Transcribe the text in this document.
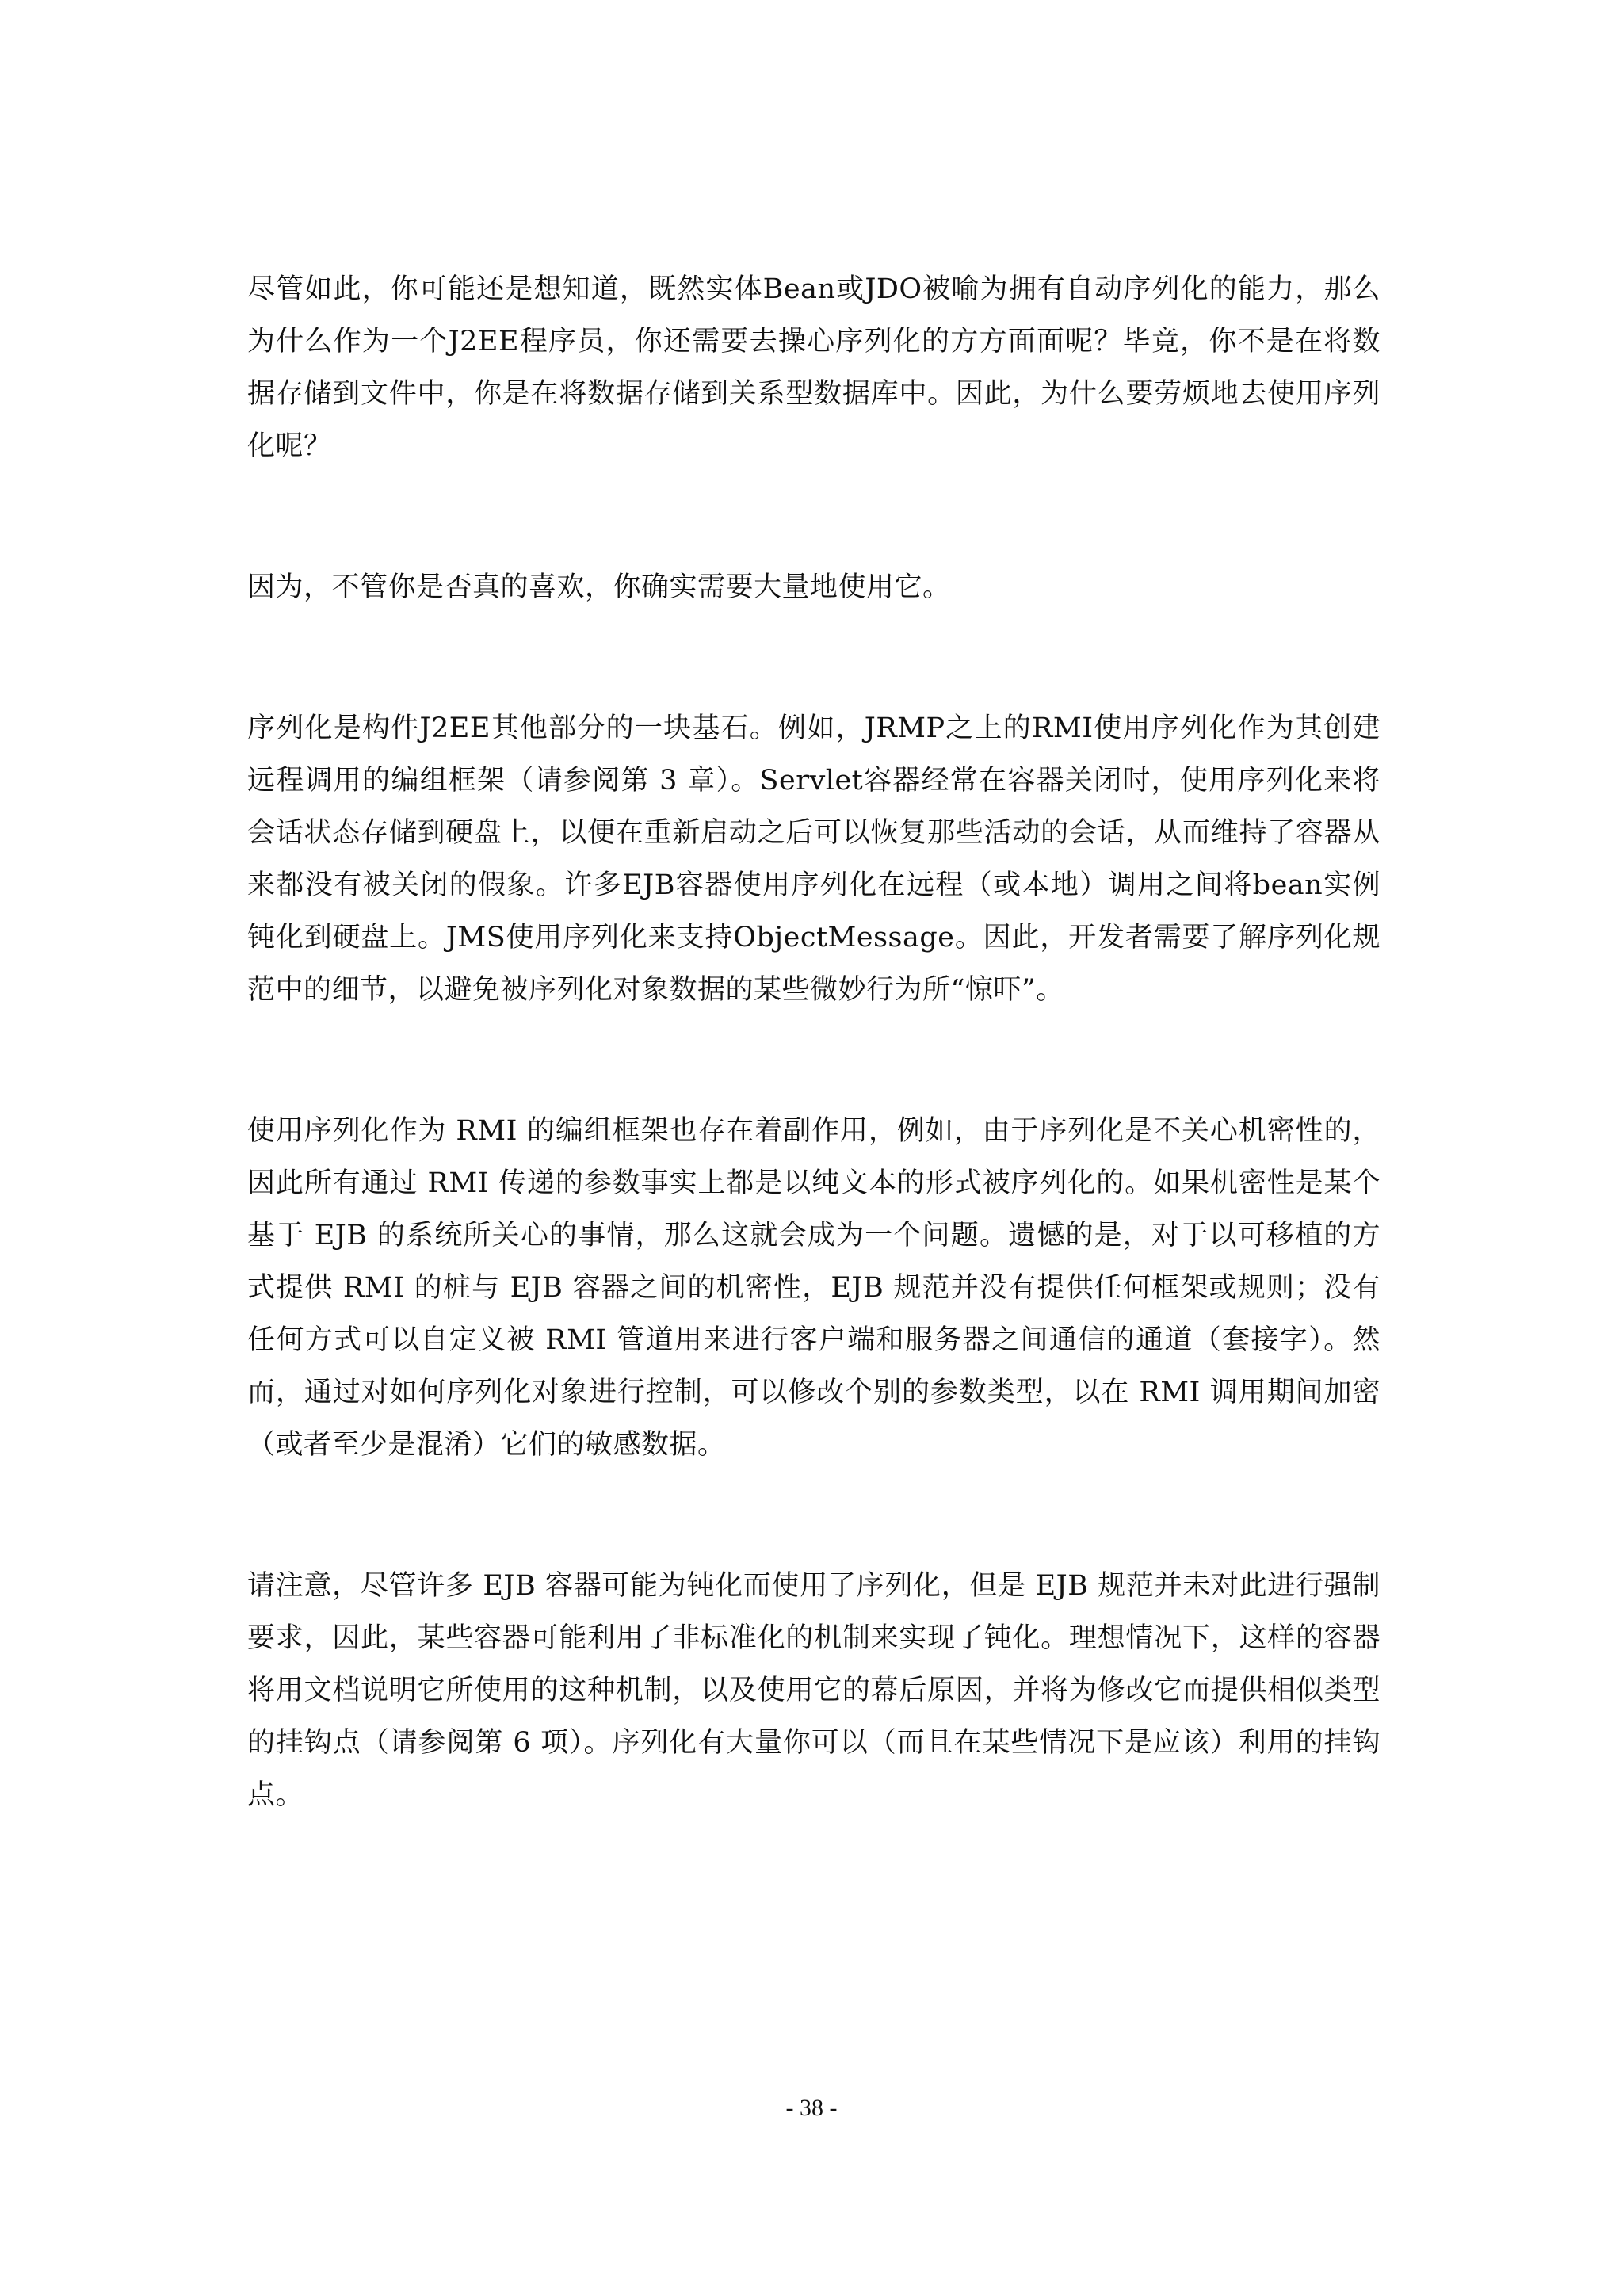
尽管如此，你可能还是想知道，既然实体Bean或JDO被喻为拥有自动序列化的能力，那么为什么作为一个J2EE程序员，你还需要去操心序列化的方方面面呢？毕竟，你不是在将数据存储到文件中，你是在将数据存储到关系型数据库中。因此，为什么要劳烦地去使用序列化呢？

因为，不管你是否真的喜欢，你确实需要大量地使用它。

序列化是构件J2EE其他部分的一块基石。例如，JRMP之上的RMI使用序列化作为其创建远程调用的编组框架（请参阅第 3 章）。Servlet容器经常在容器关闭时，使用序列化来将会话状态存储到硬盘上，以便在重新启动之后可以恢复那些活动的会话，从而维持了容器从来都没有被关闭的假象。许多EJB容器使用序列化在远程（或本地）调用之间将bean实例钝化到硬盘上。JMS使用序列化来支持ObjectMessage。因此，开发者需要了解序列化规范中的细节，以避免被序列化对象数据的某些微妙行为所“惊吓”。

使用序列化作为 RMI 的编组框架也存在着副作用，例如，由于序列化是不关心机密性的，因此所有通过 RMI 传递的参数事实上都是以纯文本的形式被序列化的。如果机密性是某个基于 EJB 的系统所关心的事情，那么这就会成为一个问题。遗憾的是，对于以可移植的方式提供 RMI 的桩与 EJB 容器之间的机密性，EJB 规范并没有提供任何框架或规则；没有任何方式可以自定义被 RMI 管道用来进行客户端和服务器之间通信的通道（套接字）。然而，通过对如何序列化对象进行控制，可以修改个别的参数类型，以在 RMI 调用期间加密（或者至少是混淆）它们的敏感数据。

请注意，尽管许多 EJB 容器可能为钝化而使用了序列化，但是 EJB 规范并未对此进行强制要求，因此，某些容器可能利用了非标准化的机制来实现了钝化。理想情况下，这样的容器将用文档说明它所使用的这种机制，以及使用它的幕后原因，并将为修改它而提供相似类型的挂钩点（请参阅第 6 项）。序列化有大量你可以（而且在某些情况下是应该）利用的挂钩点。

- 38 -
